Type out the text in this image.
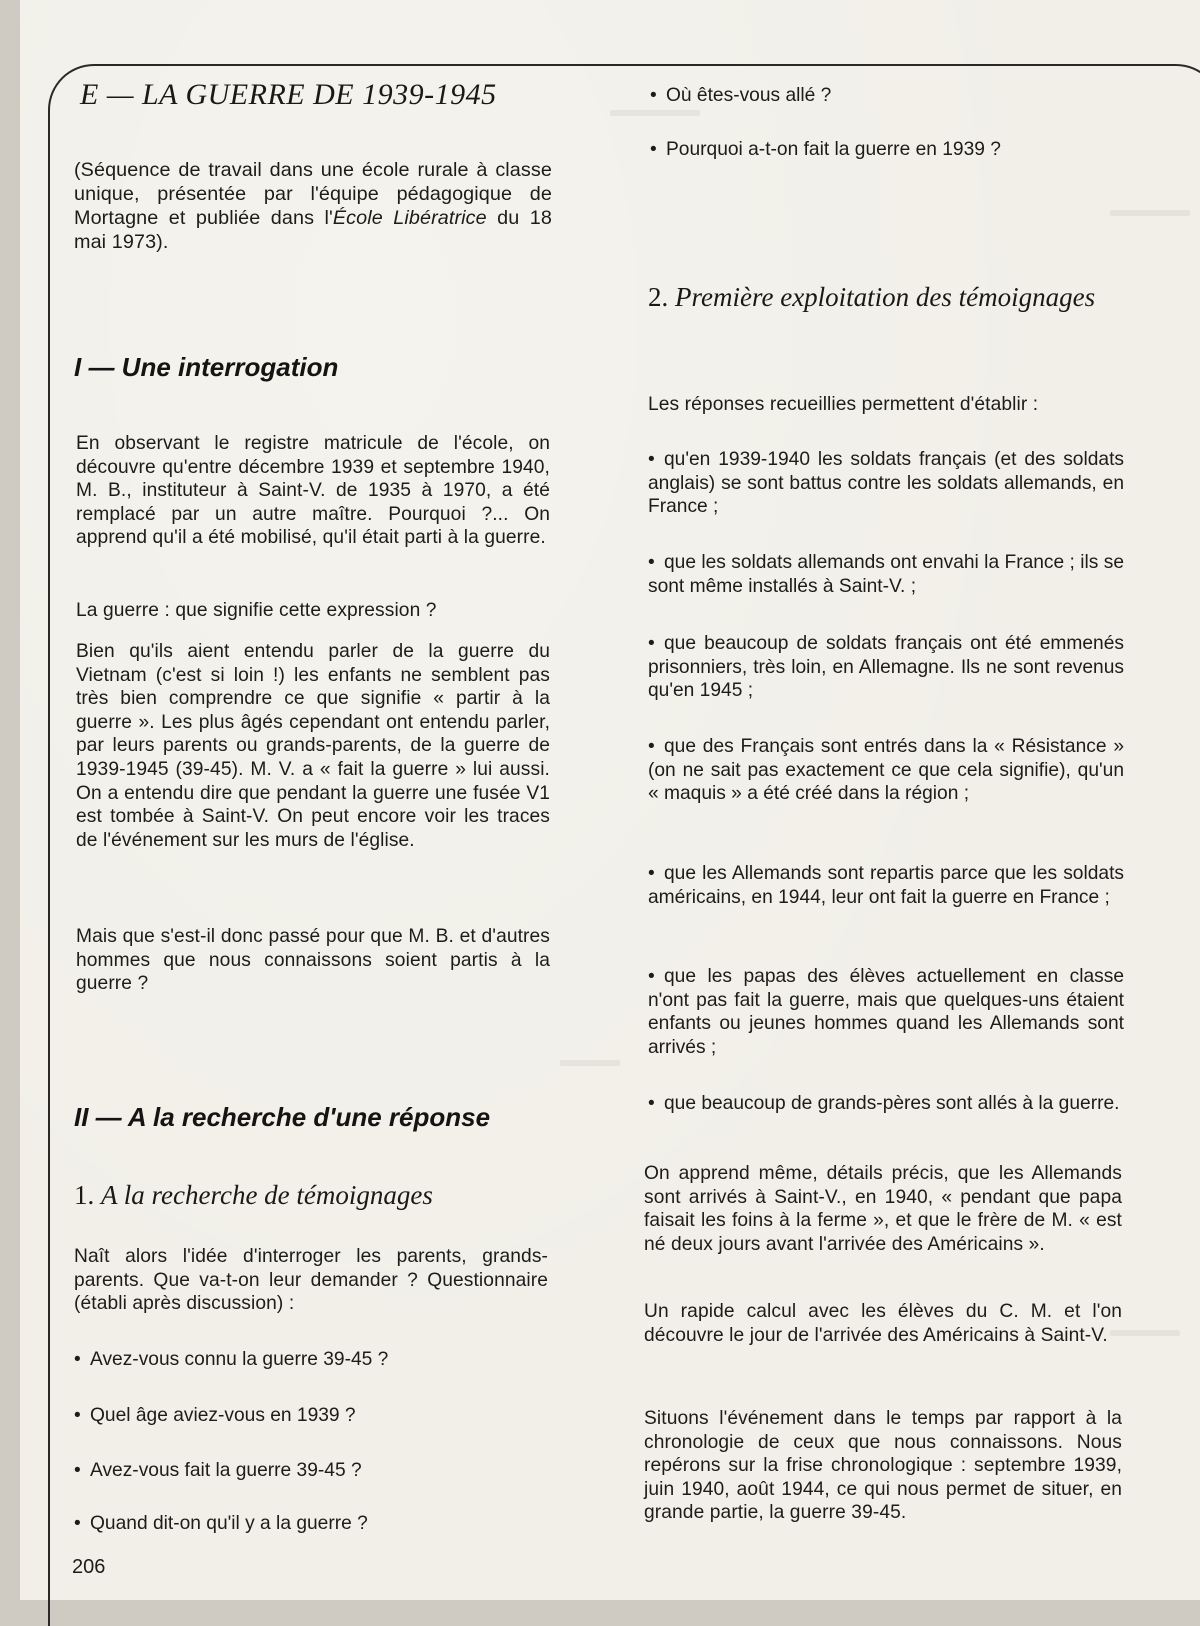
E — LA GUERRE DE 1939-1945
(Séquence de travail dans une école rurale à classe unique, présentée par l'équipe pédagogique de Mortagne et publiée dans l'École Libératrice du 18 mai 1973).
I — Une interrogation
En observant le registre matricule de l'école, on découvre qu'entre décembre 1939 et septembre 1940, M. B., instituteur à Saint-V. de 1935 à 1970, a été remplacé par un autre maître. Pourquoi ?... On apprend qu'il a été mobilisé, qu'il était parti à la guerre.
La guerre : que signifie cette expression ?
Bien qu'ils aient entendu parler de la guerre du Vietnam (c'est si loin !) les enfants ne semblent pas très bien comprendre ce que signifie « partir à la guerre ». Les plus âgés cependant ont entendu parler, par leurs parents ou grands-parents, de la guerre de 1939-1945 (39-45). M. V. a « fait la guerre » lui aussi. On a entendu dire que pendant la guerre une fusée V1 est tombée à Saint-V. On peut encore voir les traces de l'événement sur les murs de l'église.
Mais que s'est-il donc passé pour que M. B. et d'autres hommes que nous connaissons soient partis à la guerre ?
II — A la recherche d'une réponse
1. A la recherche de témoignages
Naît alors l'idée d'interroger les parents, grands-parents. Que va-t-on leur demander ? Questionnaire (établi après discussion) :
• Avez-vous connu la guerre 39-45 ?
• Quel âge aviez-vous en 1939 ?
• Avez-vous fait la guerre 39-45 ?
• Quand dit-on qu'il y a la guerre ?
206
• Où êtes-vous allé ?
• Pourquoi a-t-on fait la guerre en 1939 ?
2. Première exploitation des témoignages
Les réponses recueillies permettent d'établir :
• qu'en 1939-1940 les soldats français (et des soldats anglais) se sont battus contre les soldats allemands, en France ;
• que les soldats allemands ont envahi la France ; ils se sont même installés à Saint-V. ;
• que beaucoup de soldats français ont été emmenés prisonniers, très loin, en Allemagne. Ils ne sont revenus qu'en 1945 ;
• que des Français sont entrés dans la « Résistance » (on ne sait pas exactement ce que cela signifie), qu'un « maquis » a été créé dans la région ;
• que les Allemands sont repartis parce que les soldats américains, en 1944, leur ont fait la guerre en France ;
• que les papas des élèves actuellement en classe n'ont pas fait la guerre, mais que quelques-uns étaient enfants ou jeunes hommes quand les Allemands sont arrivés ;
• que beaucoup de grands-pères sont allés à la guerre.
On apprend même, détails précis, que les Allemands sont arrivés à Saint-V., en 1940, « pendant que papa faisait les foins à la ferme », et que le frère de M. « est né deux jours avant l'arrivée des Américains ».
Un rapide calcul avec les élèves du C. M. et l'on découvre le jour de l'arrivée des Américains à Saint-V.
Situons l'événement dans le temps par rapport à la chronologie de ceux que nous connaissons. Nous repérons sur la frise chronologique : septembre 1939, juin 1940, août 1944, ce qui nous permet de situer, en grande partie, la guerre 39-45.
